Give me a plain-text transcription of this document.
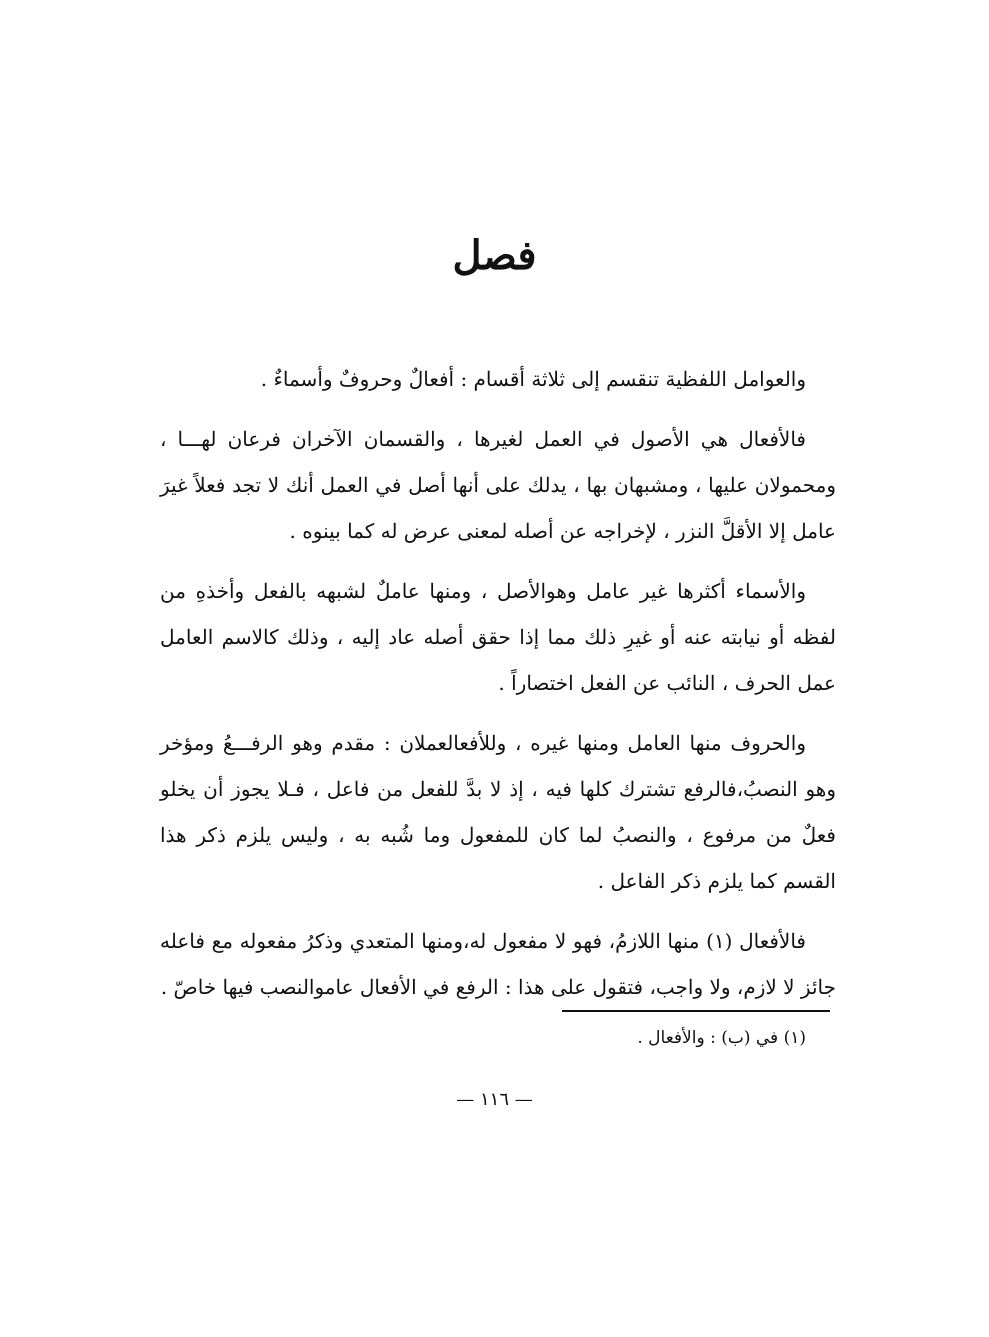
فصل

والعوامل اللفظية تنقسم إلى ثلاثة أقسام : أفعالٌ وحروفٌ وأسماءٌ .

فالأفعال هي الأصول في العمل لغيرها ، والقسمان الآخران فرعان لهـــا ، ومحمولان عليها ، ومشبهان بها ، يدلك على أنها أصل في العمل أنك لا تجد فعلاً غيرَ عامل إلا الأقلَّ النزر ، لإخراجه عن أصله لمعنى عرض له كما بينوه .

والأسماء أكثرها غير عامل وهوالأصل ، ومنها عاملٌ لشبهه بالفعل وأخذهِ من لفظه أو نيابته عنه أو غيرِ ذلك مما إذا حقق أصله عاد إليه ، وذلك كالاسم العامل عمل الحرف ، النائب عن الفعل اختصاراً .

والحروف منها العامل ومنها غيره ، وللأفعالعملان : مقدم وهو الرفـــعُ ومؤخر وهو النصبُ،فالرفع تشترك كلها فيه ، إذ لا بدَّ للفعل من فاعل ، فـلا يجوز أن يخلو فعلٌ من مرفوع ، والنصبُ لما كان للمفعول وما شُبه به ، وليس يلزم ذكر هذا القسم كما يلزم ذكر الفاعل .

فالأفعال (١) منها اللازمُ، فهو لا مفعول له،ومنها المتعدي وذكرُ مفعوله مع فاعله جائز لا لازم، ولا واجب، فتقول على هذا : الرفع في الأفعال عاموالنصب فيها خاصّ .

(١) في (ب) : والأفعال .
— ١١٦ —
